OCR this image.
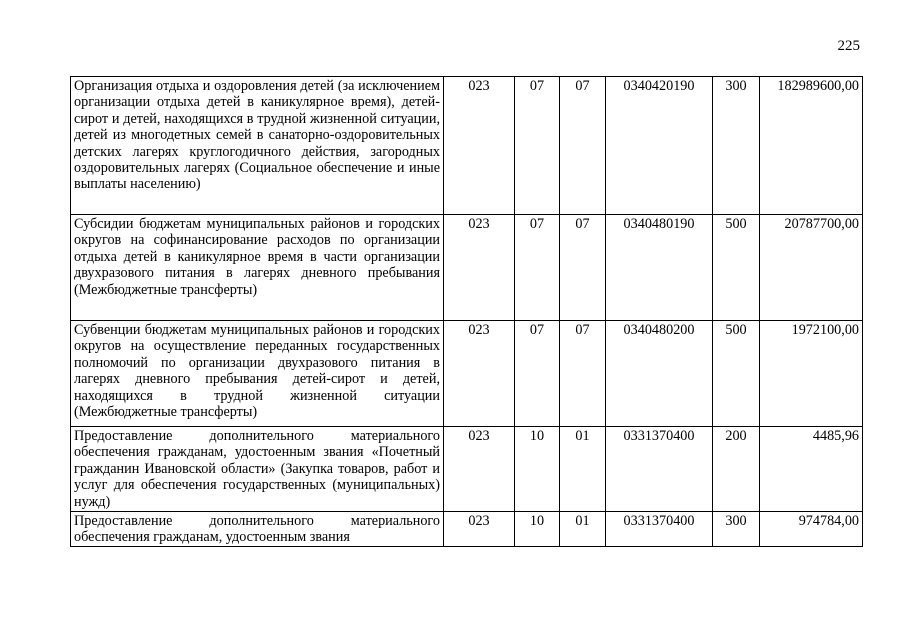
225
Организация отдыха и оздоровления детей (за исключением организации отдыха детей в каникулярное время), детей-сирот и детей, находящихся в трудной жизненной ситуации, детей из многодетных семей в санаторно-оздоровительных детских лагерях круглогодичного действия, загородных оздоровительных лагерях (Социальное обеспечение и иные выплаты населению)	023	07	07	0340420190	300	182989600,00
Субсидии бюджетам муниципальных районов и городских округов на софинансирование расходов по организации отдыха детей в каникулярное время в части организации двухразового питания в лагерях дневного пребывания (Межбюджетные трансферты)	023	07	07	0340480190	500	20787700,00
Субвенции бюджетам муниципальных районов и городских округов на осуществление переданных государственных полномочий по организации двухразового питания в лагерях дневного пребывания детей-сирот и детей, находящихся в трудной жизненной ситуации (Межбюджетные трансферты)	023	07	07	0340480200	500	1972100,00
Предоставление дополнительного материального обеспечения гражданам, удостоенным звания «Почетный гражданин Ивановской области» (Закупка товаров, работ и услуг для обеспечения государственных (муниципальных) нужд)	023	10	01	0331370400	200	4485,96
Предоставление дополнительного материального обеспечения гражданам, удостоенным звания	023	10	01	0331370400	300	974784,00
